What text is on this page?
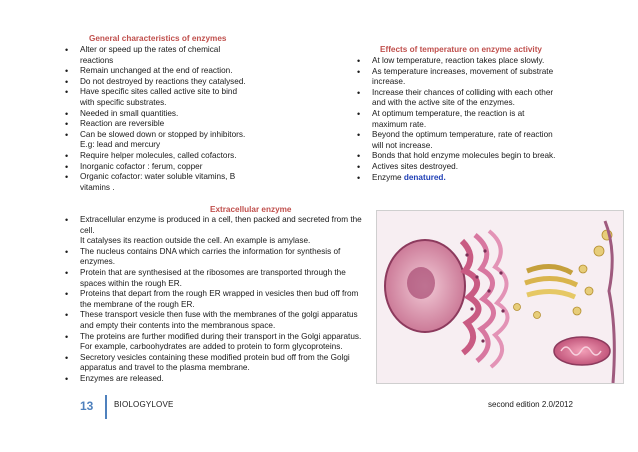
General characteristics of enzymes
• Alter or speed up the rates of chemical
reactions
• Remain unchanged at the end of reaction.
• Do not destroyed by reactions they catalysed.
• Have specific sites called active site to bind
with specific substrates.
• Needed in small quantities.
• Reaction are reversible
• Can be slowed down or stopped by inhibitors.
E.g: lead and mercury
• Require helper molecules, called cofactors.
• Inorganic cofactor : ferum, copper
• Organic cofactor: water soluble vitamins, B
vitamins .
Effects of temperature on enzyme activity
• At low temperature, reaction takes place slowly.
• As temperature increases, movement of substrate
increase.
• Increase their chances of colliding with each other
and with the active site of the enzymes.
• At optimum temperature, the reaction is at
maximum rate.
• Beyond the optimum temperature, rate of reaction
will not increase.
• Bonds that hold enzyme molecules begin to break.
• Actives sites destroyed.
• Enzyme denatured.
Extracellular enzyme
• Extracellular enzyme is produced in a cell, then packed and secreted from the
cell.
It catalyses its reaction outside the cell. An example is amylase.
• The nucleus contains DNA which carries the information for synthesis of
enzymes.
• Protein that are synthesised at the ribosomes are transported through the
spaces within the rough ER.
• Proteins that depart from the rough ER wrapped in vesicles then bud off from
the membrane of the rough ER.
• These transport vesicle then fuse with the membranes of the golgi apparatus
and empty their contents into the membranous space.
• The proteins are further modified during their transport in the Golgi apparatus.
For example, carboohydrates are added to protein to form glycoproteins.
• Secretory vesicles containing these modified protein bud off from the Golgi
apparatus and travel to the plasma membrane.
• Enzymes are released.
13	BIOLOGYLOVE	second edition 2.0/2012
